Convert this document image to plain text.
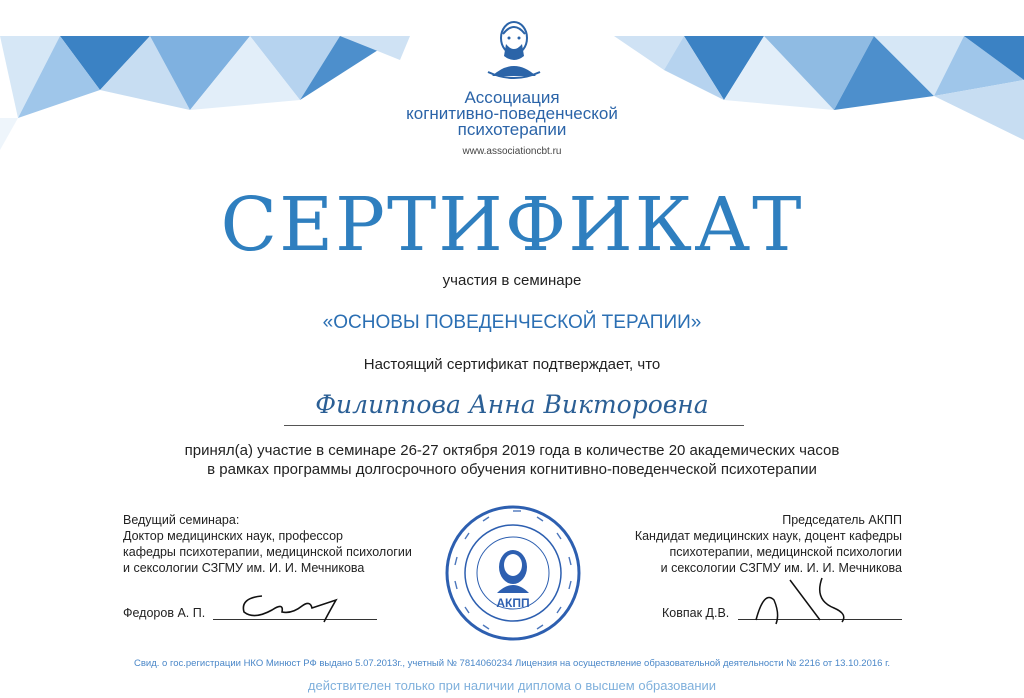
Ассоциация
когнитивно-поведенческой
психотерапии
www.associationcbt.ru
СЕРТИФИКАТ
участия в семинаре
«ОСНОВЫ ПОВЕДЕНЧЕСКОЙ ТЕРАПИИ»
Настоящий сертификат подтверждает, что
Филиппова Анна Викторовна
принял(а) участие в семинаре 26-27 октября 2019 года в количестве 20 академических часов
в рамках программы долгосрочного обучения когнитивно-поведенческой психотерапии
Ведущий семинара:
Доктор медицинских наук, профессор
кафедры психотерапии, медицинской психологии
и сексологии СЗГМУ им. И. И. Мечникова
Председатель АКПП
Кандидат медицинских наук, доцент кафедры
психотерапии, медицинской психологии
и сексологии СЗГМУ им. И. И. Мечникова
Федоров А. П.	Ковпак Д.В.
АКПП
Свид. о гос.регистрации НКО Минюст РФ выдано 5.07.2013г., учетный № 7814060234 Лицензия на осуществление образовательной деятельности № 2216 от 13.10.2016 г.
действителен только при наличии диплома о высшем образовании
